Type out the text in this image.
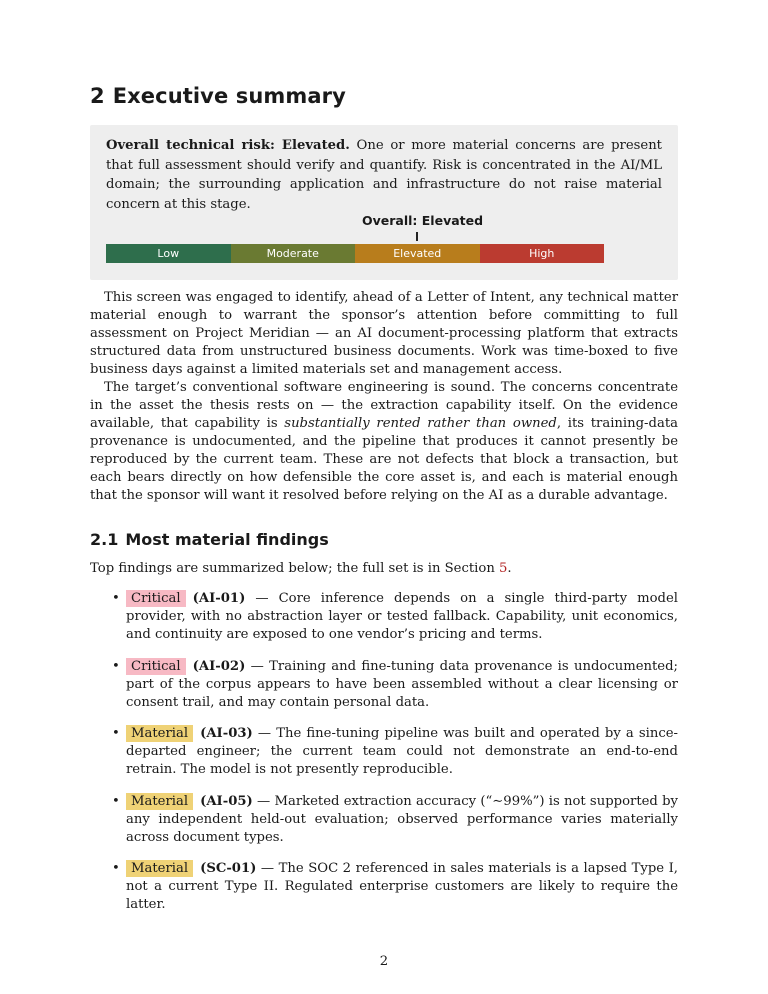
2 Executive summary
Overall technical risk: Elevated. One or more material concerns are present that full assessment should verify and quantify. Risk is concentrated in the AI/ML domain; the surrounding application and infrastructure do not raise material concern at this stage.
Overall: Elevated
Low	Moderate	Elevated	High

This screen was engaged to identify, ahead of a Letter of Intent, any technical matter material enough to warrant the sponsor’s attention before committing to full assessment on Project Meridian — an AI document-processing platform that extracts structured data from unstructured business documents. Work was time-boxed to five business days against a limited materials set and management access.

The target’s conventional software engineering is sound. The concerns concentrate in the asset the thesis rests on — the extraction capability itself. On the evidence available, that capability is substantially rented rather than owned, its training-data provenance is undocumented, and the pipeline that produces it cannot presently be reproduced by the current team. These are not defects that block a transaction, but each bears directly on how defensible the core asset is, and each is material enough that the sponsor will want it resolved before relying on the AI as a durable advantage.

2.1 Most material findings
Top findings are summarized below; the full set is in Section 5.
• Critical (AI-01) — Core inference depends on a single third-party model provider, with no abstraction layer or tested fallback. Capability, unit economics, and continuity are exposed to one vendor’s pricing and terms.
• Critical (AI-02) — Training and fine-tuning data provenance is undocumented; part of the corpus appears to have been assembled without a clear licensing or consent trail, and may contain personal data.
• Material (AI-03) — The fine-tuning pipeline was built and operated by a since-departed engineer; the current team could not demonstrate an end-to-end retrain. The model is not presently reproducible.
• Material (AI-05) — Marketed extraction accuracy (“∼99%”) is not supported by any independent held-out evaluation; observed performance varies materially across document types.
• Material (SC-01) — The SOC 2 referenced in sales materials is a lapsed Type I, not a current Type II. Regulated enterprise customers are likely to require the latter.
2
